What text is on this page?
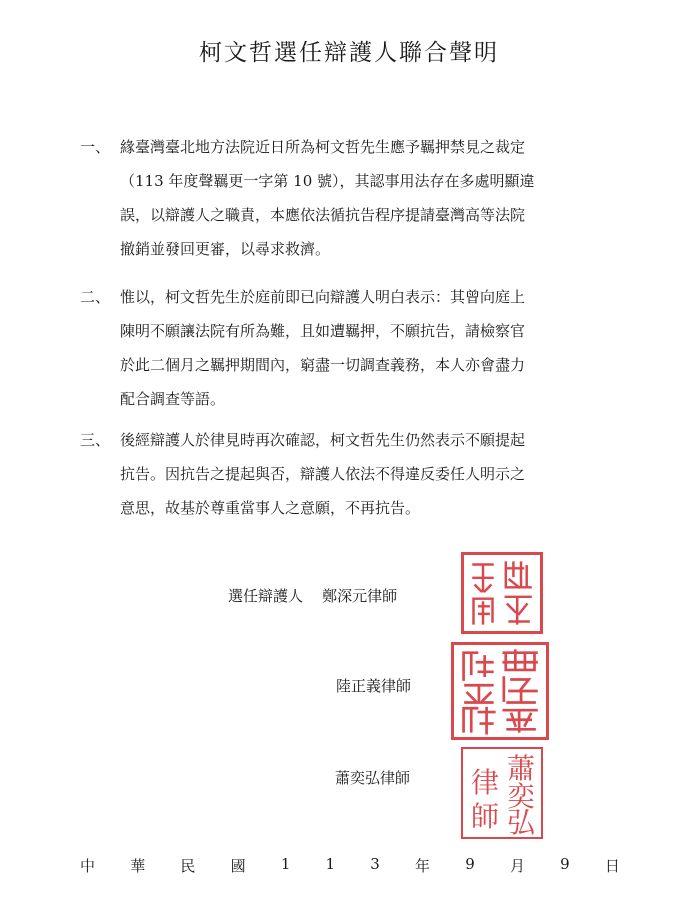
柯文哲選任辯護人聯合聲明
一、 緣臺灣臺北地方法院近日所為柯文哲先生應予羈押禁見之裁定
（113 年度聲羈更一字第 10 號），其認事用法存在多處明顯違
誤，以辯護人之職責，本應依法循抗告程序提請臺灣高等法院
撤銷並發回更審，以尋求救濟。
二、 惟以，柯文哲先生於庭前即已向辯護人明白表示：其曾向庭上
陳明不願讓法院有所為難，且如遭羈押，不願抗告，請檢察官
於此二個月之羈押期間內，窮盡一切調查義務，本人亦會盡力
配合調查等語。
三、 後經辯護人於律見時再次確認，柯文哲先生仍然表示不願提起
抗告。因抗告之提起與否，辯護人依法不得違反委任人明示之
意思，故基於尊重當事人之意願，不再抗告。
選任辯護人 鄭深元律師
陸正義律師
蕭奕弘律師	蕭
律 奕
弘
師
中 華 民 國 1 1 3 年 9 月 9 日
